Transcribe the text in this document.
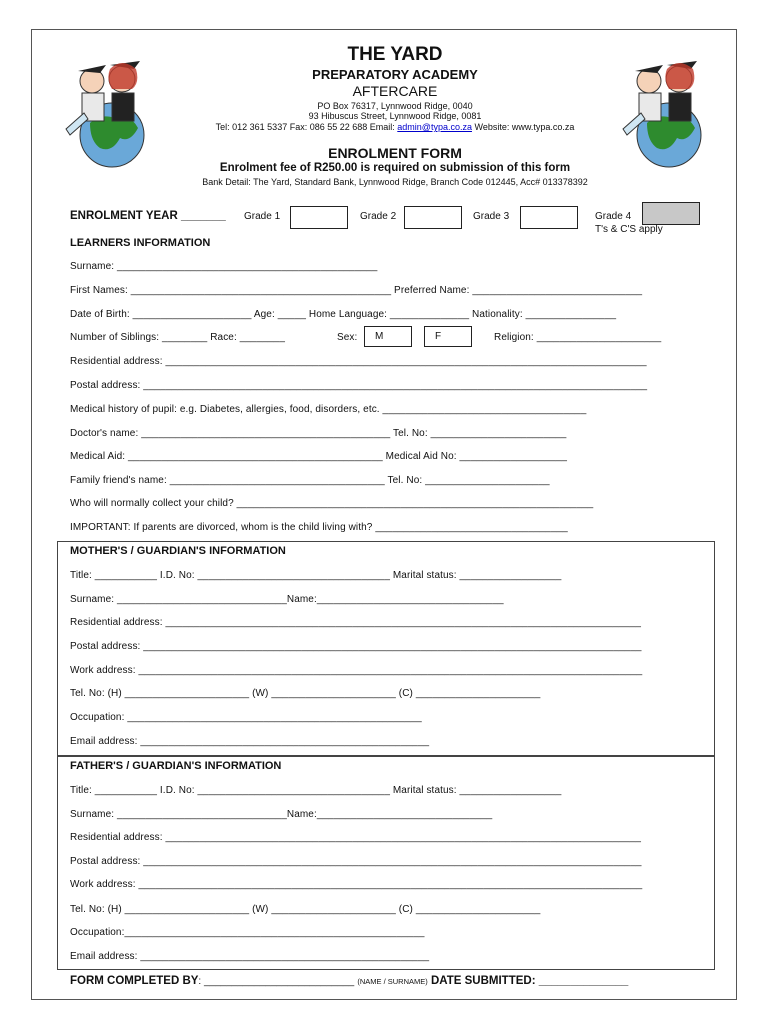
THE YARD
PREPARATORY ACADEMY
AFTERCARE
PO Box 76317, Lynnwood Ridge, 0040
93 Hibuscus Street, Lynnwood Ridge, 0081
Tel: 012 361 5337 Fax: 086 55 22 688 Email: admin@typa.co.za Website: www.typa.co.za
ENROLMENT FORM
Enrolment fee of R250.00 is required on submission of this form
Bank Detail: The Yard, Standard Bank, Lynnwood Ridge, Branch Code 012445, Acc# 013378392
ENROLMENT YEAR _______ Grade 1	Grade 2	Grade 3	Grade 4
T's & C'S apply
LEARNERS INFORMATION
Surname: ______________________________________________
First Names: ______________________________________________ Preferred Name: ______________________________
Date of Birth: _____________________ Age: _____ Home Language: ______________ Nationality: ________________
Number of Siblings: ________ Race: ________	Sex:	M	F	Religion: ______________________
Residential address: _____________________________________________________________________________________
Postal address: _________________________________________________________________________________________
Medical history of pupil: e.g. Diabetes, allergies, food, disorders, etc. ____________________________________
Doctor's name: ____________________________________________ Tel. No: ________________________
Medical Aid: _____________________________________________ Medical Aid No: ___________________
Family friend's name: ______________________________________ Tel. No: ______________________
Who will normally collect your child? _______________________________________________________________
IMPORTANT: If parents are divorced, whom is the child living with? __________________________________
MOTHER'S / GUARDIAN'S INFORMATION
Title: ___________ I.D. No: __________________________________ Marital status: __________________
Surname: ______________________________Name:_________________________________
Residential address: ____________________________________________________________________________________
Postal address: ________________________________________________________________________________________
Work address: _________________________________________________________________________________________
Tel. No: (H) ______________________ (W) ______________________ (C) ______________________
Occupation: ____________________________________________________
Email address: ___________________________________________________
FATHER'S / GUARDIAN'S INFORMATION
Title: ___________ I.D. No: __________________________________ Marital status: __________________
Surname: ______________________________Name:_______________________________
Residential address: ____________________________________________________________________________________
Postal address: ________________________________________________________________________________________
Work address: _________________________________________________________________________________________
Tel. No: (H) ______________________ (W) ______________________ (C) ______________________
Occupation:_____________________________________________________
Email address: ___________________________________________________
FORM COMPLETED BY: ___________________________ (NAME / SURNAME) DATE SUBMITTED: ______________
